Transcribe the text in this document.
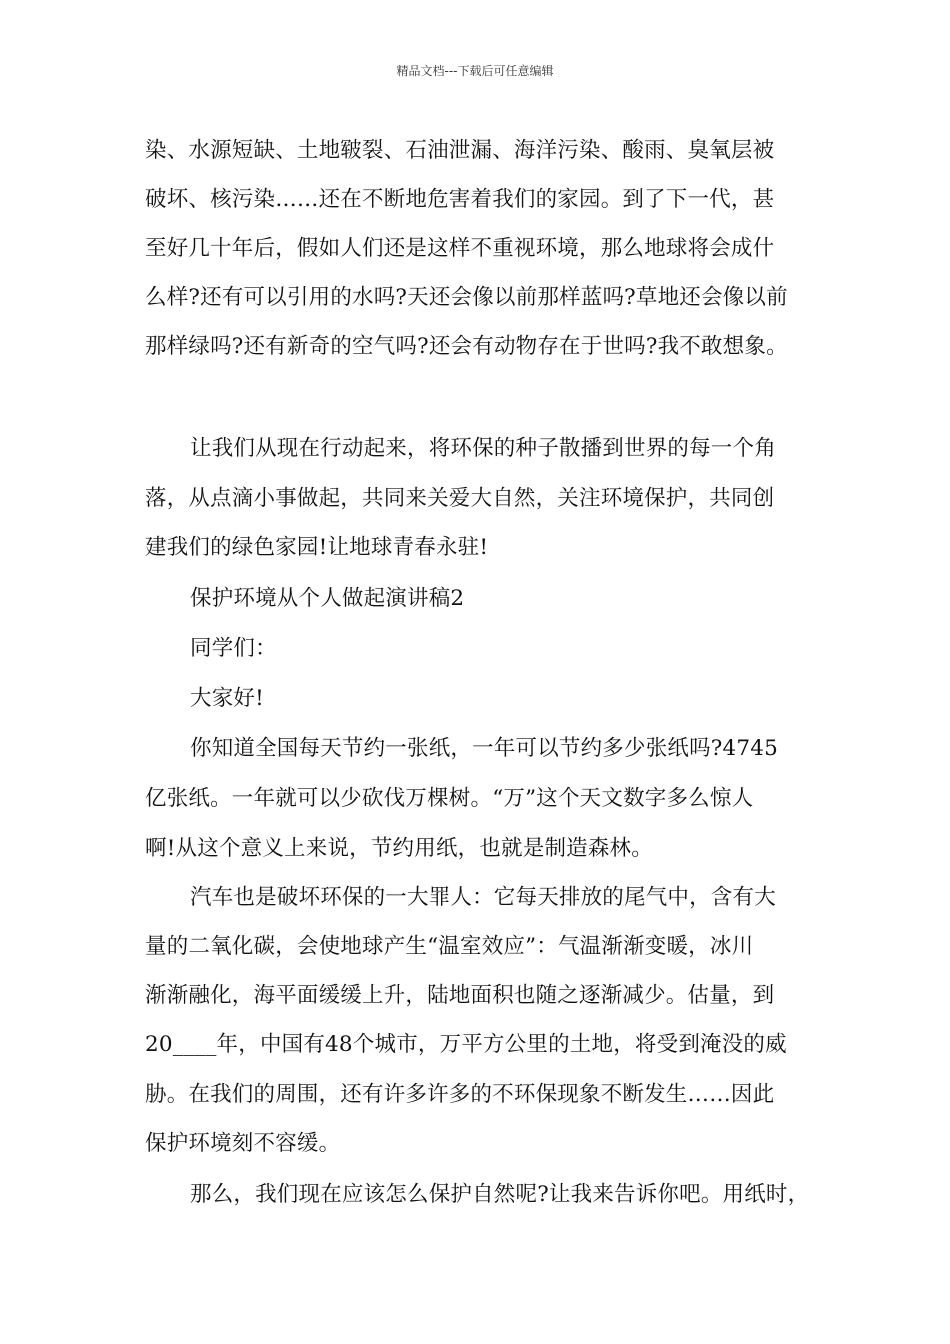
精品文档---下载后可任意编辑
染、水源短缺、土地皲裂、石油泄漏、海洋污染、酸雨、臭氧层被
破坏、核污染……还在不断地危害着我们的家园。到了下一代，甚
至好几十年后，假如人们还是这样不重视环境，那么地球将会成什
么样?还有可以引用的水吗?天还会像以前那样蓝吗?草地还会像以前
那样绿吗?还有新奇的空气吗?还会有动物存在于世吗?我不敢想象。
让我们从现在行动起来，将环保的种子散播到世界的每一个角
落，从点滴小事做起，共同来关爱大自然，关注环境保护，共同创
建我们的绿色家园!让地球青春永驻!
保护环境从个人做起演讲稿2
同学们：
大家好!
你知道全国每天节约一张纸，一年可以节约多少张纸吗?4745
亿张纸。一年就可以少砍伐万棵树。“万”这个天文数字多么惊人
啊!从这个意义上来说，节约用纸，也就是制造森林。
汽车也是破坏环保的一大罪人：它每天排放的尾气中，含有大
量的二氧化碳，会使地球产生“温室效应”：气温渐渐变暖，冰川
渐渐融化，海平面缓缓上升，陆地面积也随之逐渐减少。估量，到
20____年，中国有48个城市，万平方公里的土地，将受到淹没的威
胁。在我们的周围，还有许多许多的不环保现象不断发生……因此
保护环境刻不容缓。
那么，我们现在应该怎么保护自然呢?让我来告诉你吧。用纸时，
